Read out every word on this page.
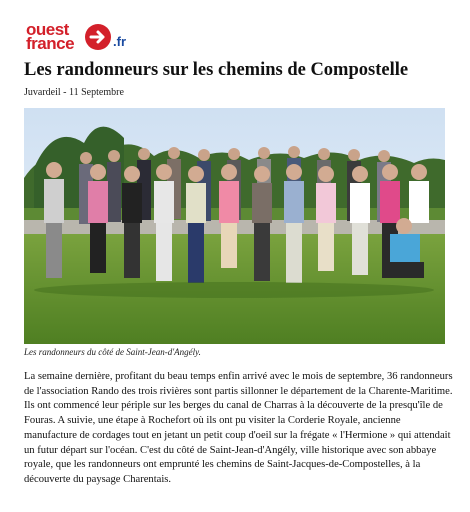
ouest
france	.fr
Les randonneurs sur les chemins de Compostelle
Juvardeil - 11 Septembre
Les randonneurs du côté de Saint-Jean-d'Angély.

La semaine dernière, profitant du beau temps enfin arrivé avec le mois de septembre, 36 randonneurs de l'association Rando des trois rivières sont partis sillonner le département de la Charente-Maritime. Ils ont commencé leur périple sur les berges du canal de Charras à la découverte de la presqu'île de Fouras. A suivie, une étape à Rochefort où ils ont pu visiter la Corderie Royale, ancienne manufacture de cordages tout en jetant un petit coup d'oeil sur la frégate « l'Hermione » qui attendait un futur départ sur l'océan. C'est du côté de Saint-Jean-d'Angély, ville historique avec son abbaye royale, que les randonneurs ont emprunté les chemins de Saint-Jacques-de-Compostelles, à la découverte du paysage Charentais.
